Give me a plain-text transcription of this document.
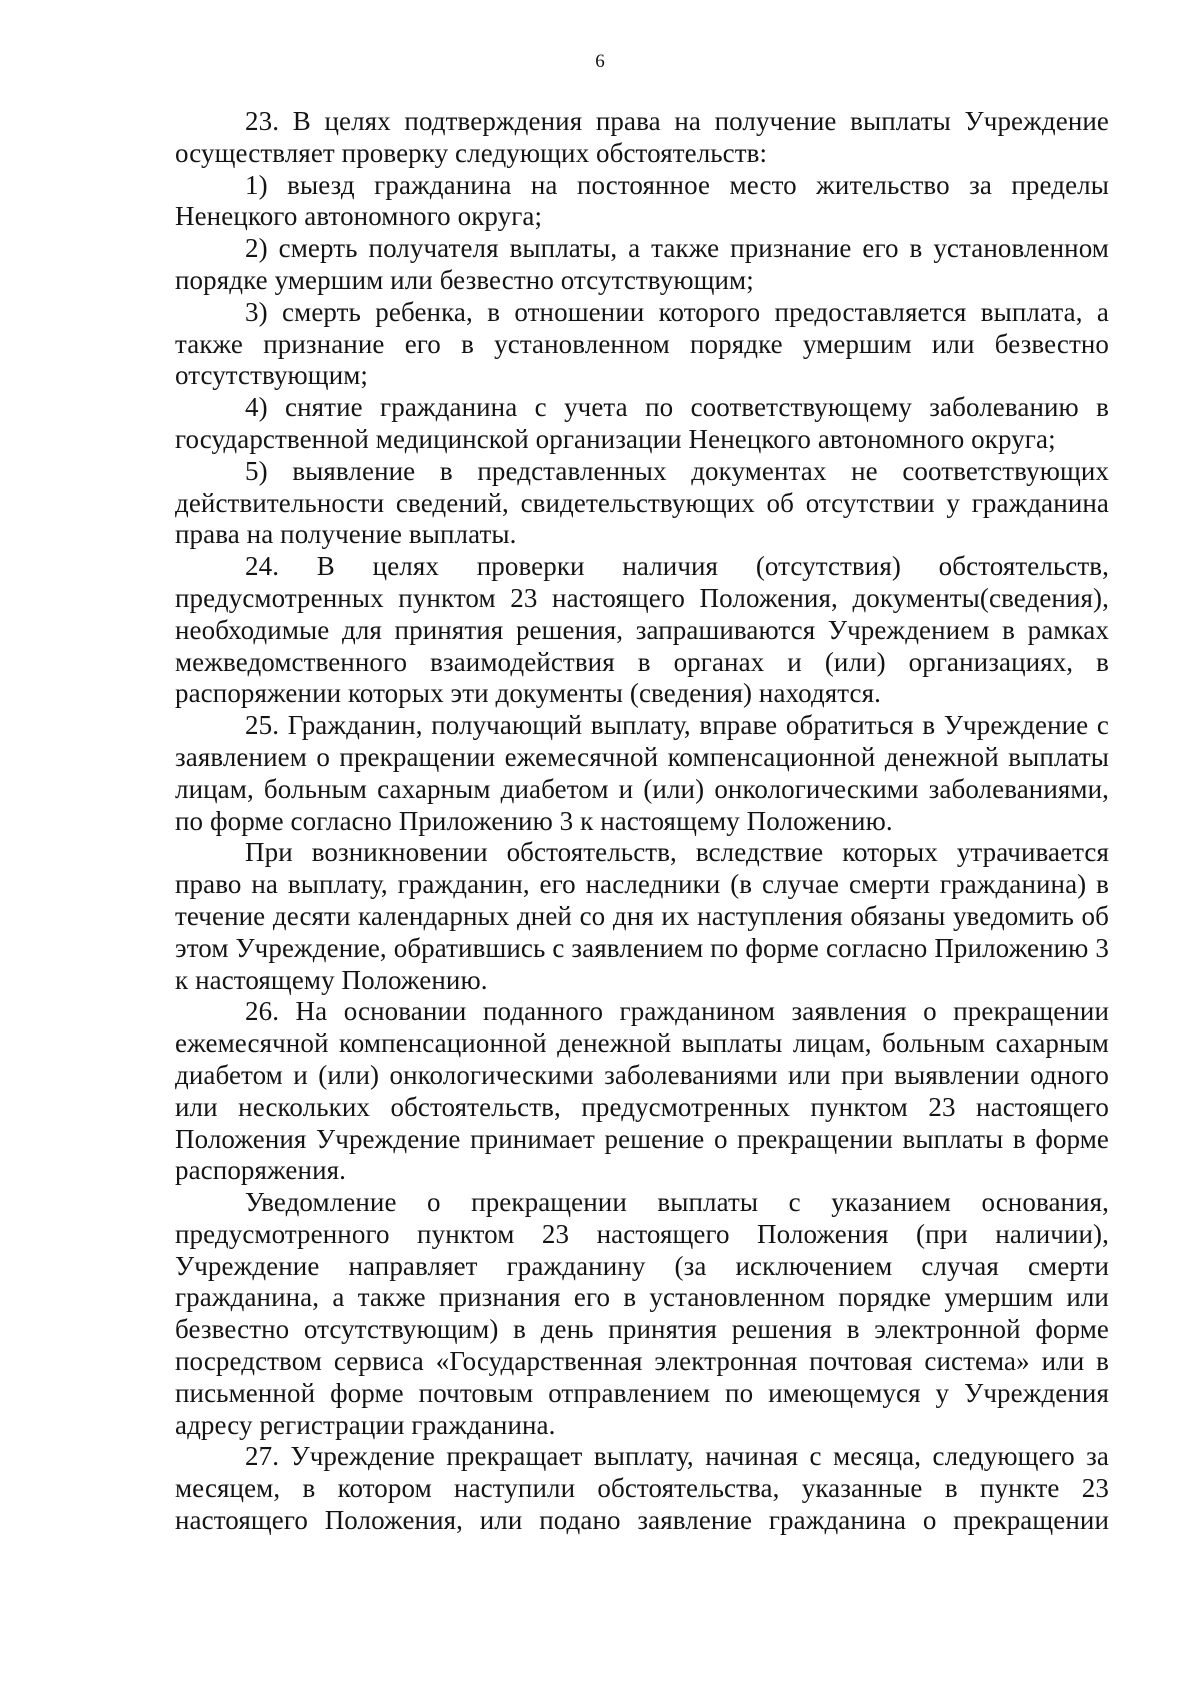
6

23. В целях подтверждения права на получение выплаты Учреждение осуществляет проверку следующих обстоятельств:

1) выезд гражданина на постоянное место жительство за пределы Ненецкого автономного округа;

2) смерть получателя выплаты, а также признание его в установленном порядке умершим или безвестно отсутствующим;

3) смерть ребенка, в отношении которого предоставляется выплата, а также признание его в установленном порядке умершим или безвестно отсутствующим;

4) снятие гражданина с учета по соответствующему заболеванию в государственной медицинской организации Ненецкого автономного округа;

5) выявление в представленных документах не соответствующих действительности сведений, свидетельствующих об отсутствии у гражданина права на получение выплаты.

24. В целях проверки наличия (отсутствия) обстоятельств, предусмотренных пунктом 23 настоящего Положения, документы(сведения), необходимые для принятия решения, запрашиваются Учреждением в рамках межведомственного взаимодействия в органах и (или) организациях, в распоряжении которых эти документы (сведения) находятся.

25. Гражданин, получающий выплату, вправе обратиться в Учреждение с заявлением о прекращении ежемесячной компенсационной денежной выплаты лицам, больным сахарным диабетом и (или) онкологическими заболеваниями, по форме согласно Приложению 3 к настоящему Положению.

При возникновении обстоятельств, вследствие которых утрачивается право на выплату, гражданин, его наследники (в случае смерти гражданина) в течение десяти календарных дней со дня их наступления обязаны уведомить об этом Учреждение, обратившись с заявлением по форме согласно Приложению 3 к настоящему Положению.

26. На основании поданного гражданином заявления о прекращении ежемесячной компенсационной денежной выплаты лицам, больным сахарным диабетом и (или) онкологическими заболеваниями или при выявлении одного или нескольких обстоятельств, предусмотренных пунктом 23 настоящего Положения Учреждение принимает решение о прекращении выплаты в форме распоряжения.

Уведомление о прекращении выплаты с указанием основания, предусмотренного пунктом 23 настоящего Положения (при наличии), Учреждение направляет гражданину (за исключением случая смерти гражданина, а также признания его в установленном порядке умершим или безвестно отсутствующим) в день принятия решения в электронной форме посредством сервиса «Государственная электронная почтовая система» или в письменной форме почтовым отправлением по имеющемуся у Учреждения адресу регистрации гражданина.

27. Учреждение прекращает выплату, начиная с месяца, следующего за месяцем, в котором наступили обстоятельства, указанные в пункте 23 настоящего Положения, или подано заявление гражданина о прекращении
